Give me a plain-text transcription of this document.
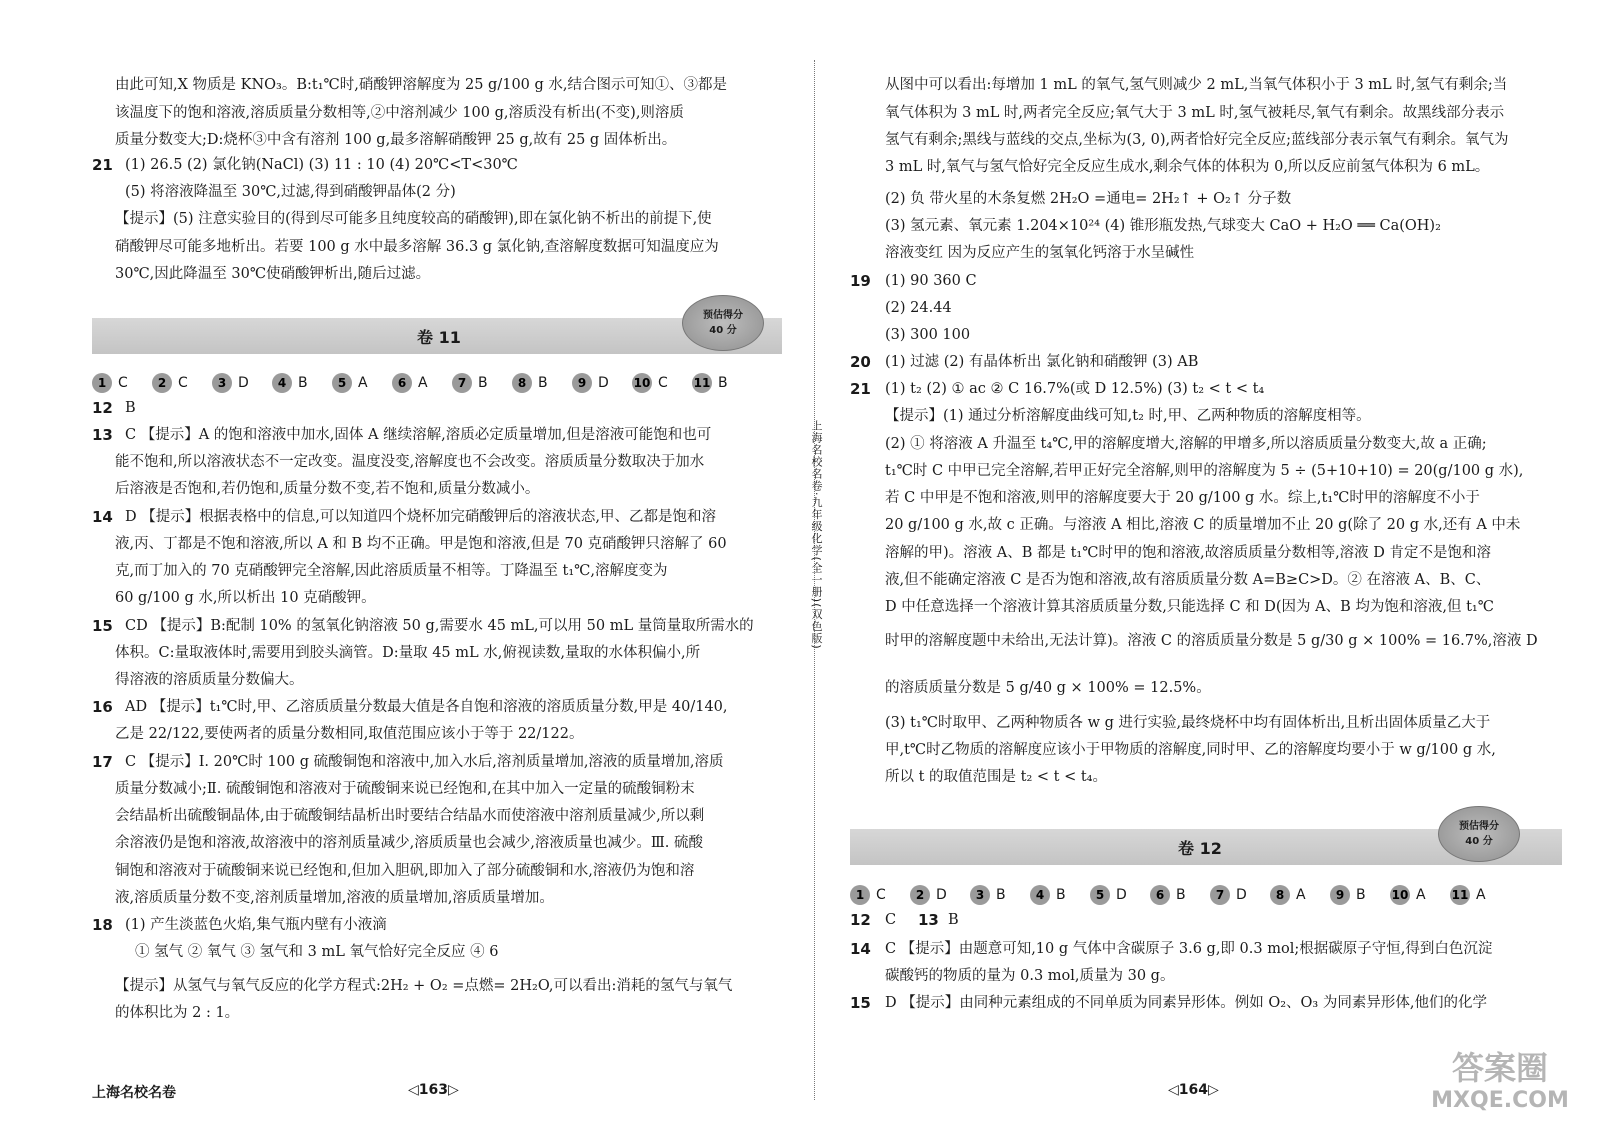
由此可知,X 物质是 KNO₃。B:t₁℃时,硝酸钾溶解度为 25 g/100 g 水,结合图示可知①、③都是
该温度下的饱和溶液,溶质质量分数相等,②中溶剂减少 100 g,溶质没有析出(不变),则溶质
质量分数变大;D:烧杯③中含有溶剂 100 g,最多溶解硝酸钾 25 g,故有 25 g 固体析出。
21 (1) 26.5 (2) 氯化钠(NaCl) (3) 11 : 10 (4) 20℃<T<30℃
(5) 将溶液降温至 30℃,过滤,得到硝酸钾晶体(2 分)
【提示】(5) 注意实验目的(得到尽可能多且纯度较高的硝酸钾),即在氯化钠不析出的前提下,使
硝酸钾尽可能多地析出。若要 100 g 水中最多溶解 36.3 g 氯化钠,查溶解度数据可知温度应为
30℃,因此降温至 30℃使硝酸钾析出,随后过滤。
卷 11
预估得分
40 分
1 C	2 C	3 D	4 B	5 A	6 A	7 B	8 B	9 D 10 C 11 B
12 B
13 C 【提示】A 的饱和溶液中加水,固体 A 继续溶解,溶质必定质量增加,但是溶液可能饱和也可
能不饱和,所以溶液状态不一定改变。温度没变,溶解度也不会改变。溶质质量分数取决于加水
后溶液是否饱和,若仍饱和,质量分数不变,若不饱和,质量分数减小。
14 D 【提示】根据表格中的信息,可以知道四个烧杯加完硝酸钾后的溶液状态,甲、乙都是饱和溶
液,丙、丁都是不饱和溶液,所以 A 和 B 均不正确。甲是饱和溶液,但是 70 克硝酸钾只溶解了 60
克,而丁加入的 70 克硝酸钾完全溶解,因此溶质质量不相等。丁降温至 t₁℃,溶解度变为
60 g/100 g 水,所以析出 10 克硝酸钾。
15 CD 【提示】B:配制 10% 的氢氧化钠溶液 50 g,需要水 45 mL,可以用 50 mL 量筒量取所需水的
体积。C:量取液体时,需要用到胶头滴管。D:量取 45 mL 水,俯视读数,量取的水体积偏小,所
得溶液的溶质质量分数偏大。
16 AD 【提示】t₁℃时,甲、乙溶质质量分数最大值是各自饱和溶液的溶质质量分数,甲是 40/140,
乙是 22/122,要使两者的质量分数相同,取值范围应该小于等于 22/122。
17 C 【提示】Ⅰ. 20℃时 100 g 硫酸铜饱和溶液中,加入水后,溶剂质量增加,溶液的质量增加,溶质
质量分数减小;Ⅱ. 硫酸铜饱和溶液对于硫酸铜来说已经饱和,在其中加入一定量的硫酸铜粉末
会结晶析出硫酸铜晶体,由于硫酸铜结晶析出时要结合结晶水而使溶液中溶剂质量减少,所以剩
余溶液仍是饱和溶液,故溶液中的溶剂质量减少,溶质质量也会减少,溶液质量也减少。Ⅲ. 硫酸
铜饱和溶液对于硫酸铜来说已经饱和,但加入胆矾,即加入了部分硫酸铜和水,溶液仍为饱和溶
液,溶质质量分数不变,溶剂质量增加,溶液的质量增加,溶质质量增加。
18 (1) 产生淡蓝色火焰,集气瓶内壁有小液滴
① 氢气 ② 氧气 ③ 氢气和 3 mL 氧气恰好完全反应 ④ 6
【提示】从氢气与氧气反应的化学方程式:2H₂ + O₂ =点燃= 2H₂O,可以看出:消耗的氢气与氧气
的体积比为 2 : 1。
上海名校名卷	◁163▷
上海名校名卷·九年级化学(全一册)(双色版)
从图中可以看出:每增加 1 mL 的氧气,氢气则减少 2 mL,当氧气体积小于 3 mL 时,氢气有剩余;当
氧气体积为 3 mL 时,两者完全反应;氧气大于 3 mL 时,氢气被耗尽,氧气有剩余。故黑线部分表示
氢气有剩余;黑线与蓝线的交点,坐标为(3, 0),两者恰好完全反应;蓝线部分表示氧气有剩余。氧气为
3 mL 时,氧气与氢气恰好完全反应生成水,剩余气体的体积为 0,所以反应前氢气体积为 6 mL。
(2) 负 带火星的木条复燃 2H₂O =通电= 2H₂↑ + O₂↑ 分子数
(3) 氢元素、氧元素 1.204×10²⁴ (4) 锥形瓶发热,气球变大 CaO + H₂O ══ Ca(OH)₂
溶液变红 因为反应产生的氢氧化钙溶于水呈碱性
19 (1) 90 360 C
(2) 24.44
(3) 300 100
20 (1) 过滤 (2) 有晶体析出 氯化钠和硝酸钾 (3) AB
21 (1) t₂ (2) ① ac ② C 16.7%(或 D 12.5%) (3) t₂ < t < t₄
【提示】(1) 通过分析溶解度曲线可知,t₂ 时,甲、乙两种物质的溶解度相等。
(2) ① 将溶液 A 升温至 t₄℃,甲的溶解度增大,溶解的甲增多,所以溶质质量分数变大,故 a 正确;
t₁℃时 C 中甲已完全溶解,若甲正好完全溶解,则甲的溶解度为 5 ÷ (5+10+10) = 20(g/100 g 水),
若 C 中甲是不饱和溶液,则甲的溶解度要大于 20 g/100 g 水。综上,t₁℃时甲的溶解度不小于
20 g/100 g 水,故 c 正确。与溶液 A 相比,溶液 C 的质量增加不止 20 g(除了 20 g 水,还有 A 中未
溶解的甲)。溶液 A、B 都是 t₁℃时甲的饱和溶液,故溶质质量分数相等,溶液 D 肯定不是饱和溶
液,但不能确定溶液 C 是否为饱和溶液,故有溶质质量分数 A=B≥C>D。② 在溶液 A、B、C、
D 中任意选择一个溶液计算其溶质质量分数,只能选择 C 和 D(因为 A、B 均为饱和溶液,但 t₁℃
时甲的溶解度题中未给出,无法计算)。溶液 C 的溶质质量分数是 5 g/30 g × 100% = 16.7%,溶液 D
的溶质质量分数是 5 g/40 g × 100% = 12.5%。
(3) t₁℃时取甲、乙两种物质各 w g 进行实验,最终烧杯中均有固体析出,且析出固体质量乙大于
甲,t℃时乙物质的溶解度应该小于甲物质的溶解度,同时甲、乙的溶解度均要小于 w g/100 g 水,
所以 t 的取值范围是 t₂ < t < t₄。
卷 12
预估得分
40 分
1 C	2 D	3 B	4 B	5 D	6 B	7 D	8 A	9 B 10 A 11 A
12 C 13 B
14 C 【提示】由题意可知,10 g 气体中含碳原子 3.6 g,即 0.3 mol;根据碳原子守恒,得到白色沉淀
碳酸钙的物质的量为 0.3 mol,质量为 30 g。
15 D 【提示】由同种元素组成的不同单质为同素异形体。例如 O₂、O₃ 为同素异形体,他们的化学
◁164▷
答案圈
MXQE.COM
